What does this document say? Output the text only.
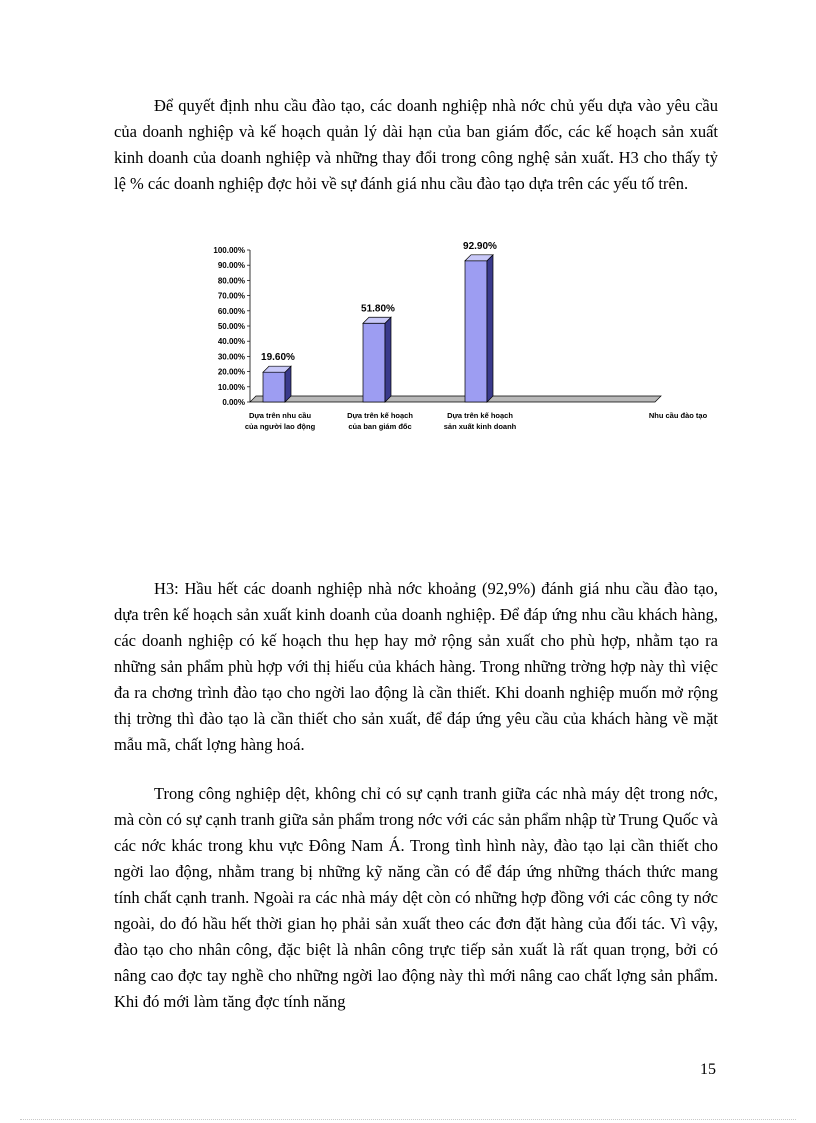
Để quyết định nhu cầu đào tạo, các doanh nghiệp nhà nớc chủ yếu dựa vào yêu cầu của doanh nghiệp và kế hoạch quản lý dài hạn của ban giám đốc, các kế hoạch sản xuất kinh doanh của doanh nghiệp và những thay đổi trong công nghệ sản xuất. H3 cho thấy tỷ lệ % các doanh nghiệp đợc hỏi về sự đánh giá nhu cầu đào tạo dựa trên các yếu tố trên.

0.00%
10.00%
20.00%
30.00%
40.00%
50.00%
60.00%
70.00%
80.00%
90.00%
100.00%
19.60%
51.80%
92.90%
Dựa trên nhu cầu
của người lao động
Dựa trên kế hoạch
của ban giám đốc
Dựa trên kế hoạch
sản xuất kinh doanh
Nhu cầu đào tạo

H3: Hầu hết các doanh nghiệp nhà nớc khoảng (92,9%) đánh giá nhu cầu đào tạo, dựa trên kế hoạch sản xuất kinh doanh của doanh nghiệp. Để đáp ứng nhu cầu khách hàng, các doanh nghiệp có kế hoạch thu hẹp hay mở rộng sản xuất cho phù hợp, nhằm tạo ra những sản phẩm phù hợp với thị hiếu của khách hàng. Trong những trờng hợp này thì việc đa ra chơng trình đào tạo cho ngời lao động là cần thiết. Khi doanh nghiệp muốn mở rộng thị trờng thì đào tạo là cần thiết cho sản xuất, để đáp ứng yêu cầu của khách hàng về mặt mẫu mã, chất lợng hàng hoá.

Trong công nghiệp dệt, không chỉ có sự cạnh tranh giữa các nhà máy dệt trong nớc, mà còn có sự cạnh tranh giữa sản phẩm trong nớc với các sản phẩm nhập từ Trung Quốc và các nớc khác trong khu vực Đông Nam Á. Trong tình hình này, đào tạo lại cần thiết cho ngời lao động, nhằm trang bị những kỹ năng cần có để đáp ứng những thách thức mang tính chất cạnh tranh. Ngoài ra các nhà máy dệt còn có những hợp đồng với các công ty nớc ngoài, do đó hầu hết thời gian họ phải sản xuất theo các đơn đặt hàng của đối tác. Vì vậy, đào tạo cho nhân công, đặc biệt là nhân công trực tiếp sản xuất là rất quan trọng, bởi có nâng cao đợc tay nghề cho những ngời lao động này thì mới nâng cao chất lợng sản phẩm. Khi đó mới làm tăng đợc tính năng

15
